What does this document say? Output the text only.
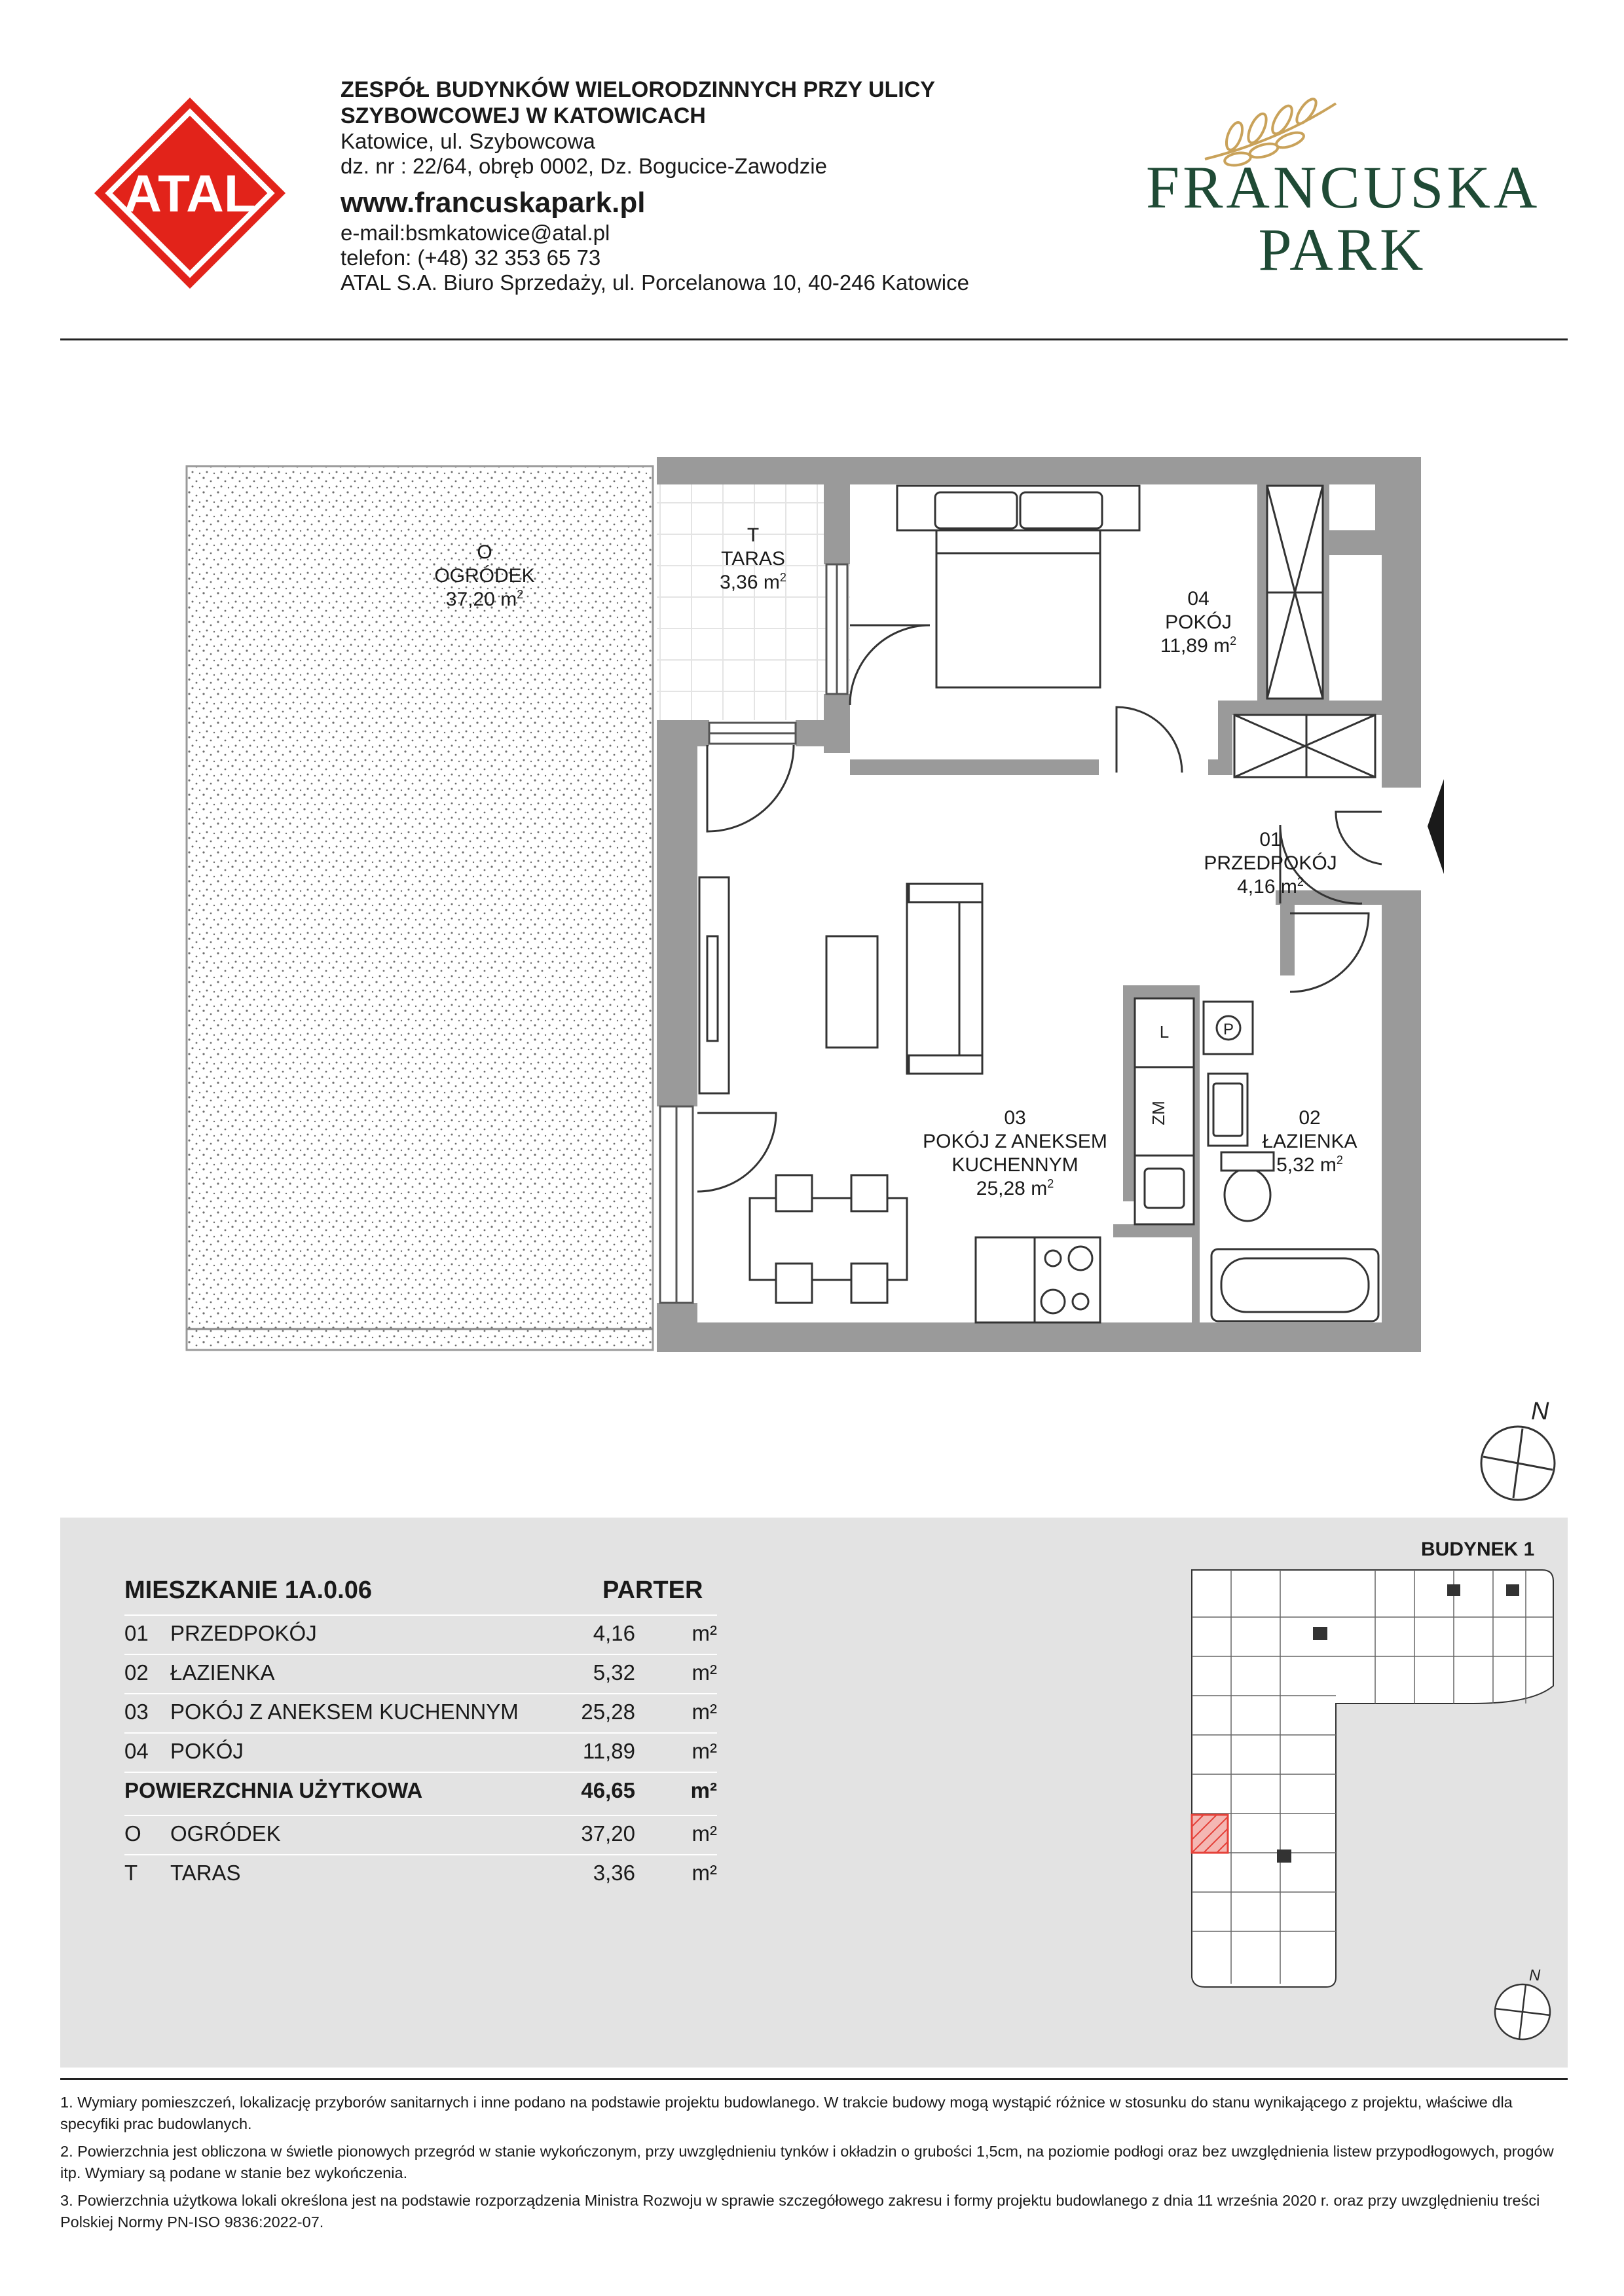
ATAL
ZESPÓŁ BUDYNKÓW WIELORODZINNYCH PRZY ULICY
SZYBOWCOWEJ W KATOWICACH
Katowice, ul. Szybowcowa
dz. nr : 22/64, obręb 0002, Dz. Bogucice-Zawodzie
www.francuskapark.pl
e-mail:bsmkatowice@atal.pl
telefon: (+48) 32 353 65 73
ATAL S.A. Biuro Sprzedaży, ul. Porcelanowa 10, 40-246 Katowice
FRANCUSKA
PARK
L
ZM
P
N
O
OGRÓDEK
37,20 $m^2$
T
TARAS
3,36 $m^2$
04
POKÓJ
11,89 $m^2$
01
PRZEDPOKÓJ
4,16 $m^2$
03
POKÓJ Z ANEKSEM
KUCHENNYM
25,28 $m^2$
02
ŁAZIENKA
5,32 $m^2$
BUDYNEK 1
MIESZKANIE 1A.0.06	PARTER
01 PRZEDPOKÓJ	4,16	m²
02 ŁAZIENKA	5,32	m²
03 POKÓJ Z ANEKSEM KUCHENNYM	25,28	m²
04 POKÓJ	11,89	m²
POWIERZCHNIA UŻYTKOWA	46,65	m²
O OGRÓDEK	37,20	m²
T TARAS	3,36	m²
N
1. Wymiary pomieszczeń, lokalizację przyborów sanitarnych i inne podano na podstawie projektu budowlanego. W trakcie budowy mogą wystąpić różnice w stosunku do stanu wynikającego z projektu, właściwe dla specyfiki prac budowlanych.
2. Powierzchnia jest obliczona w świetle pionowych przegród w stanie wykończonym, przy uwzględnieniu tynków i okładzin o grubości 1,5cm, na poziomie podłogi oraz bez uwzględnienia listew przypodłogowych, progów itp. Wymiary są podane w stanie bez wykończenia.
3. Powierzchnia użytkowa lokali określona jest na podstawie rozporządzenia Ministra Rozwoju w sprawie szczegółowego zakresu i formy projektu budowlanego z dnia 11 września 2020 r. oraz przy uwzględnieniu treści Polskiej Normy PN-ISO 9836:2022-07.
